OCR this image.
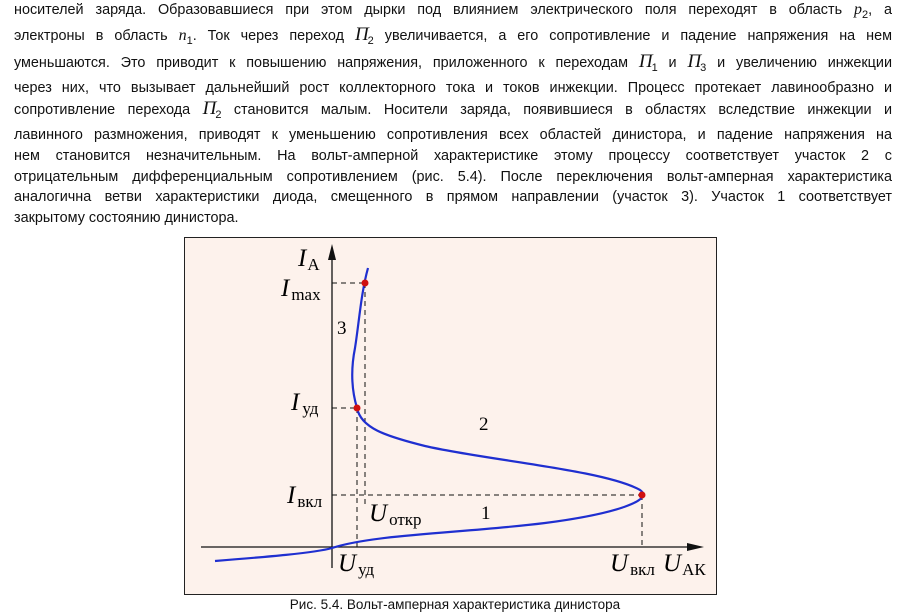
носителей заряда. Образовавшиеся при этом дырки под влиянием электрического поля переходят в область $p_2$, а
электроны в область $n_1$. Ток через переход $П_2$ увеличивается, а его сопротивление и падение напряжения на нем
уменьшаются. Это приводит к повышению напряжения, приложенного к переходам $П_1$ и $П_3$ и увеличению инжекции
через них, что вызывает дальнейший рост коллекторного тока и токов инжекции. Процесс протекает лавинообразно и
сопротивление перехода $П_2$ становится малым. Носители заряда, появившиеся в областях вследствие инжекции и
лавинного размножения, приводят к уменьшению сопротивления всех областей динистора, и падение напряжения на
нем становится незначительным. На вольт-амперной характеристике этому процессу соответствует участок 2 с
отрицательным дифференциальным сопротивлением (рис. 5.4). После переключения вольт-амперная характеристика
аналогична ветви характеристики диода, смещенного в прямом направлении (участок 3). Участок 1 соответствует
закрытому состоянию динистора.
IА
I max
I уд
I вкл U откр
U уд	U вкл UАК
1
2
3
Рис. 5.4. Вольт-амперная характеристика динистора
